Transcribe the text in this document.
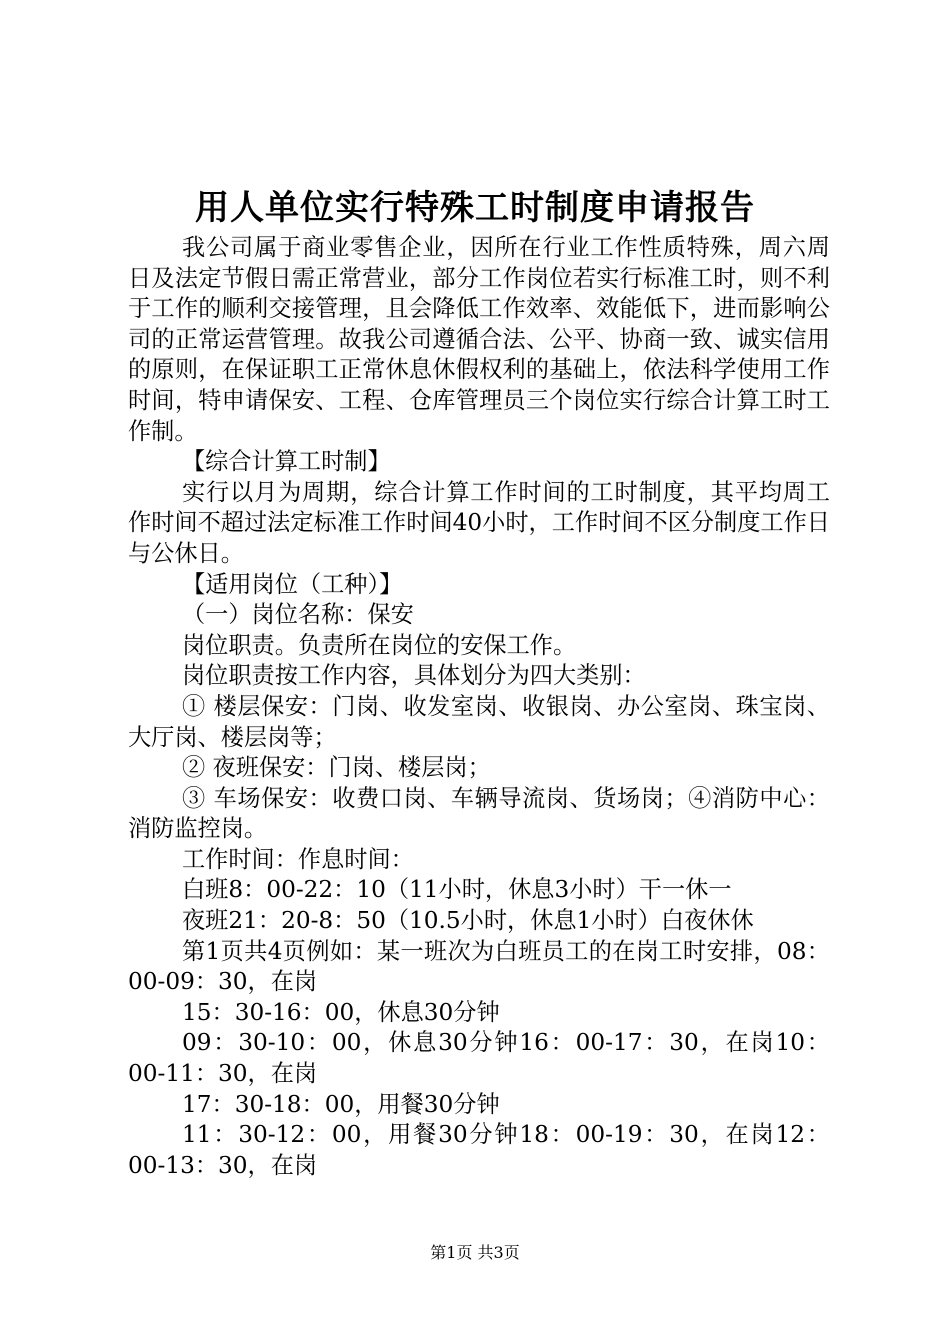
用人单位实行特殊工时制度申请报告

我公司属于商业零售企业，因所在行业工作性质特殊，周六周日及法定节假日需正常营业，部分工作岗位若实行标准工时，则不利于工作的顺利交接管理，且会降低工作效率、效能低下，进而影响公司的正常运营管理。故我公司遵循合法、公平、协商一致、诚实信用的原则，在保证职工正常休息休假权利的基础上，依法科学使用工作时间，特申请保安、工程、仓库管理员三个岗位实行综合计算工时工作制。

【综合计算工时制】

实行以月为周期，综合计算工作时间的工时制度，其平均周工作时间不超过法定标准工作时间40小时，工作时间不区分制度工作日与公休日。

【适用岗位（工种）】

（一）岗位名称：保安

岗位职责。负责所在岗位的安保工作。

岗位职责按工作内容，具体划分为四大类别：

① 楼层保安：门岗、收发室岗、收银岗、办公室岗、珠宝岗、大厅岗、楼层岗等；

② 夜班保安：门岗、楼层岗；

③ 车场保安：收费口岗、车辆导流岗、货场岗；④消防中心：消防监控岗。

工作时间：作息时间：

白班8：00-22：10（11小时，休息3小时）干一休一

夜班21：20-8：50（10.5小时，休息1小时）白夜休休

第1页共4页例如：某一班次为白班员工的在岗工时安排，08：00-09：30，在岗

15：30-16：00，休息30分钟

09：30-10：00，休息30分钟16：00-17：30，在岗10：00-11：30，在岗

17：30-18：00，用餐30分钟

11：30-12：00，用餐30分钟18：00-19：30，在岗12：00-13：30，在岗

第1页 共3页
